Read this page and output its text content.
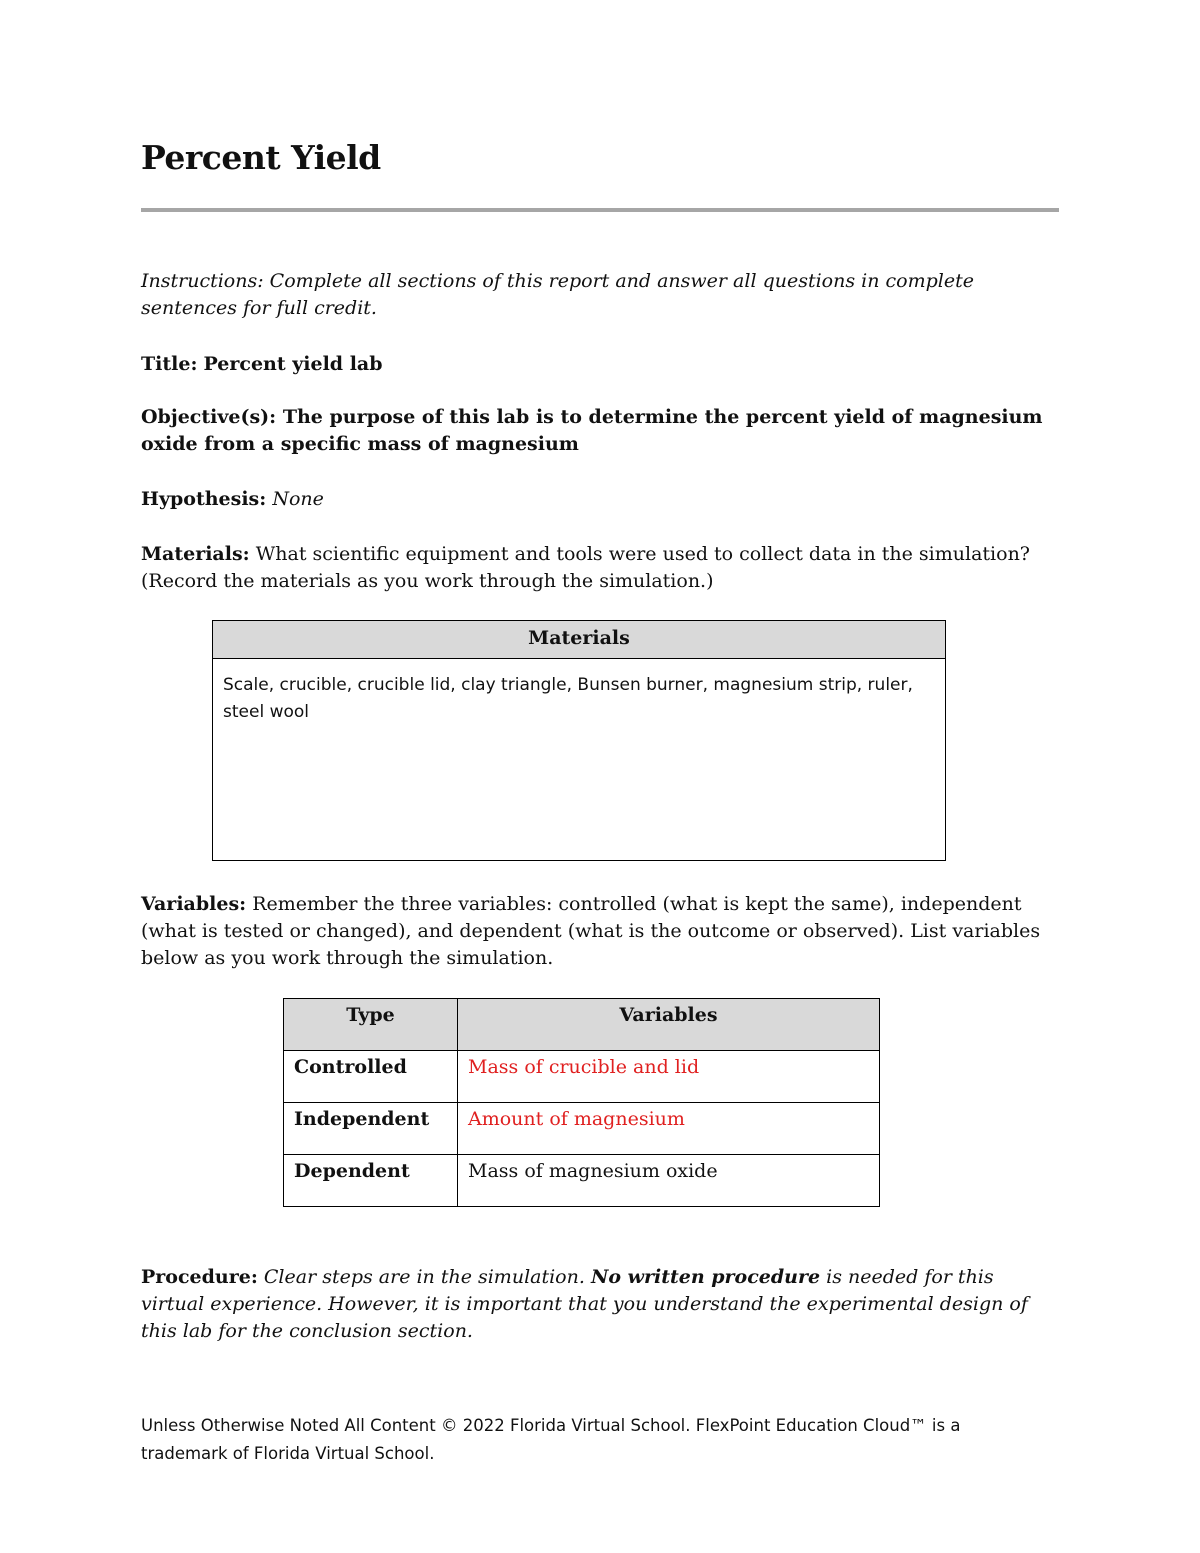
Percent Yield

Instructions: Complete all sections of this report and answer all questions in complete sentences for full credit.

Title: Percent yield lab

Objective(s): The purpose of this lab is to determine the percent yield of magnesium oxide from a specific mass of magnesium

Hypothesis: None

Materials: What scientific equipment and tools were used to collect data in the simulation? (Record the materials as you work through the simulation.)

Materials
Scale, crucible, crucible lid, clay triangle, Bunsen burner, magnesium strip, ruler, steel wool

Variables: Remember the three variables: controlled (what is kept the same), independent (what is tested or changed), and dependent (what is the outcome or observed). List variables below as you work through the simulation.

Type	Variables
Controlled	Mass of crucible and lid
Independent	Amount of magnesium
Dependent	Mass of magnesium oxide

Procedure: Clear steps are in the simulation. No written procedure is needed for this virtual experience. However, it is important that you understand the experimental design of this lab for the conclusion section.

Unless Otherwise Noted All Content © 2022 Florida Virtual School. FlexPoint Education Cloud™ is a trademark of Florida Virtual School.
